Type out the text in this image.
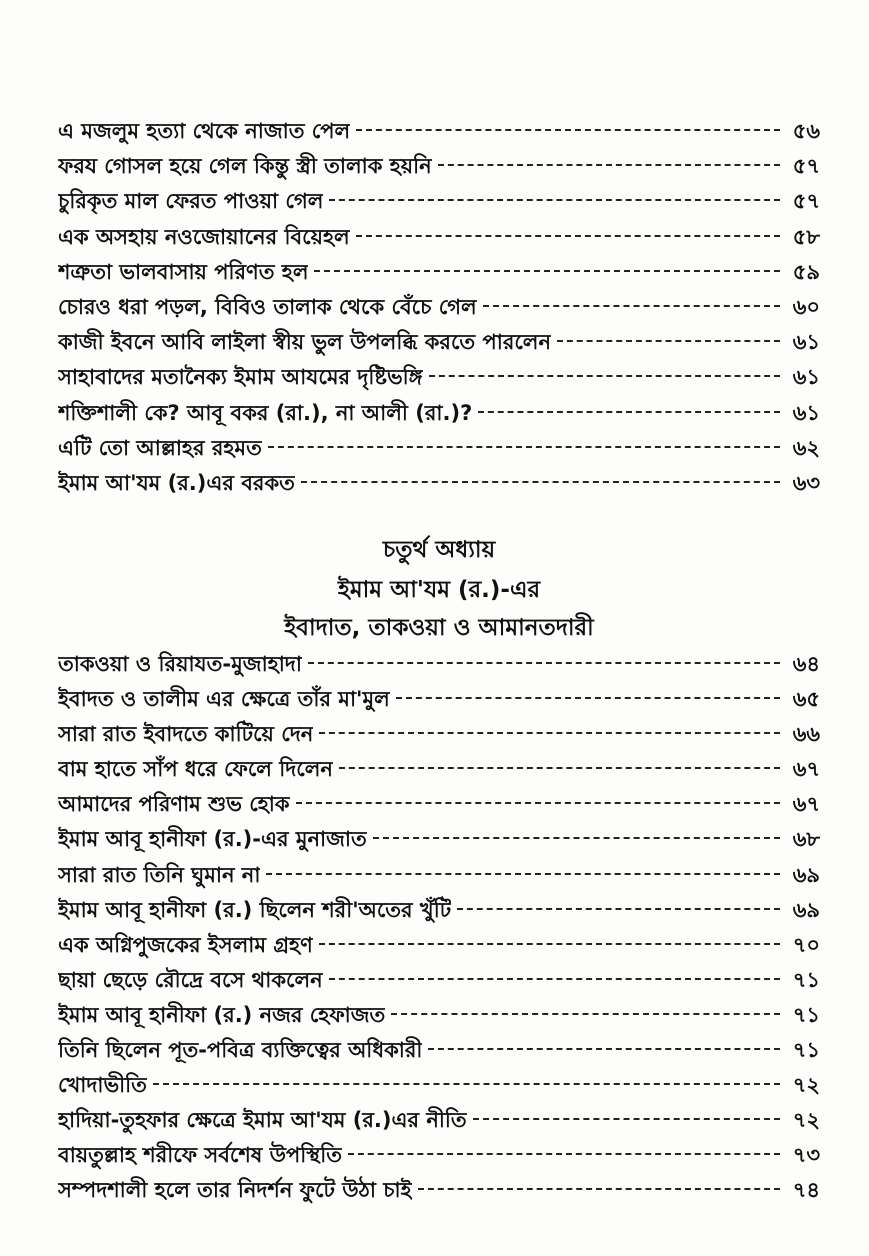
এ মজলুম হত্যা থেকে নাজাত পেল	৫৬
ফরয গোসল হয়ে গেল কিন্তু স্ত্রী তালাক হয়নি	৫৭
চুরিকৃত মাল ফেরত পাওয়া গেল	৫৭
এক অসহায় নওজোয়ানের বিয়েহল	৫৮
শত্রুতা ভালবাসায় পরিণত হল	৫৯
চোরও ধরা পড়ল, বিবিও তালাক থেকে বেঁচে গেল	৬০
কাজী ইবনে আবি লাইলা স্বীয় ভুল উপলব্ধি করতে পারলেন	৬১
সাহাবাদের মতানৈক্য ইমাম আযমের দৃষ্টিভঙ্গি	৬১
শক্তিশালী কে? আবূ বকর (রা.), না আলী (রা.)?	৬১
এটি তো আল্লাহর রহমত	৬২
ইমাম আ'যম (র.)এর বরকত	৬৩
চতুর্থ অধ্যায়
ইমাম আ'যম (র.)-এর
ইবাদাত, তাকওয়া ও আমানতদারী
তাকওয়া ও রিয়াযত-মুজাহাদা	৬৪
ইবাদত ও তালীম এর ক্ষেত্রে তাঁর মা'মুল	৬৫
সারা রাত ইবাদতে কাটিয়ে দেন	৬৬
বাম হাতে সাঁপ ধরে ফেলে দিলেন	৬৭
আমাদের পরিণাম শুভ হোক	৬৭
ইমাম আবূ হানীফা (র.)-এর মুনাজাত	৬৮
সারা রাত তিনি ঘুমান না	৬৯
ইমাম আবূ হানীফা (র.) ছিলেন শরী'অতের খুঁটি	৬৯
এক অগ্নিপুজকের ইসলাম গ্রহণ	৭০
ছায়া ছেড়ে রৌদ্রে বসে থাকলেন	৭১
ইমাম আবূ হানীফা (র.) নজর হেফাজত	৭১
তিনি ছিলেন পূত-পবিত্র ব্যক্তিত্বের অধিকারী	৭১
খোদাভীতি	৭২
হাদিয়া-তুহফার ক্ষেত্রে ইমাম আ'যম (র.)এর নীতি	৭২
বায়তুল্লাহ শরীফে সর্বশেষ উপস্থিতি	৭৩
সম্পদশালী হলে তার নিদর্শন ফুটে উঠা চাই	৭৪
